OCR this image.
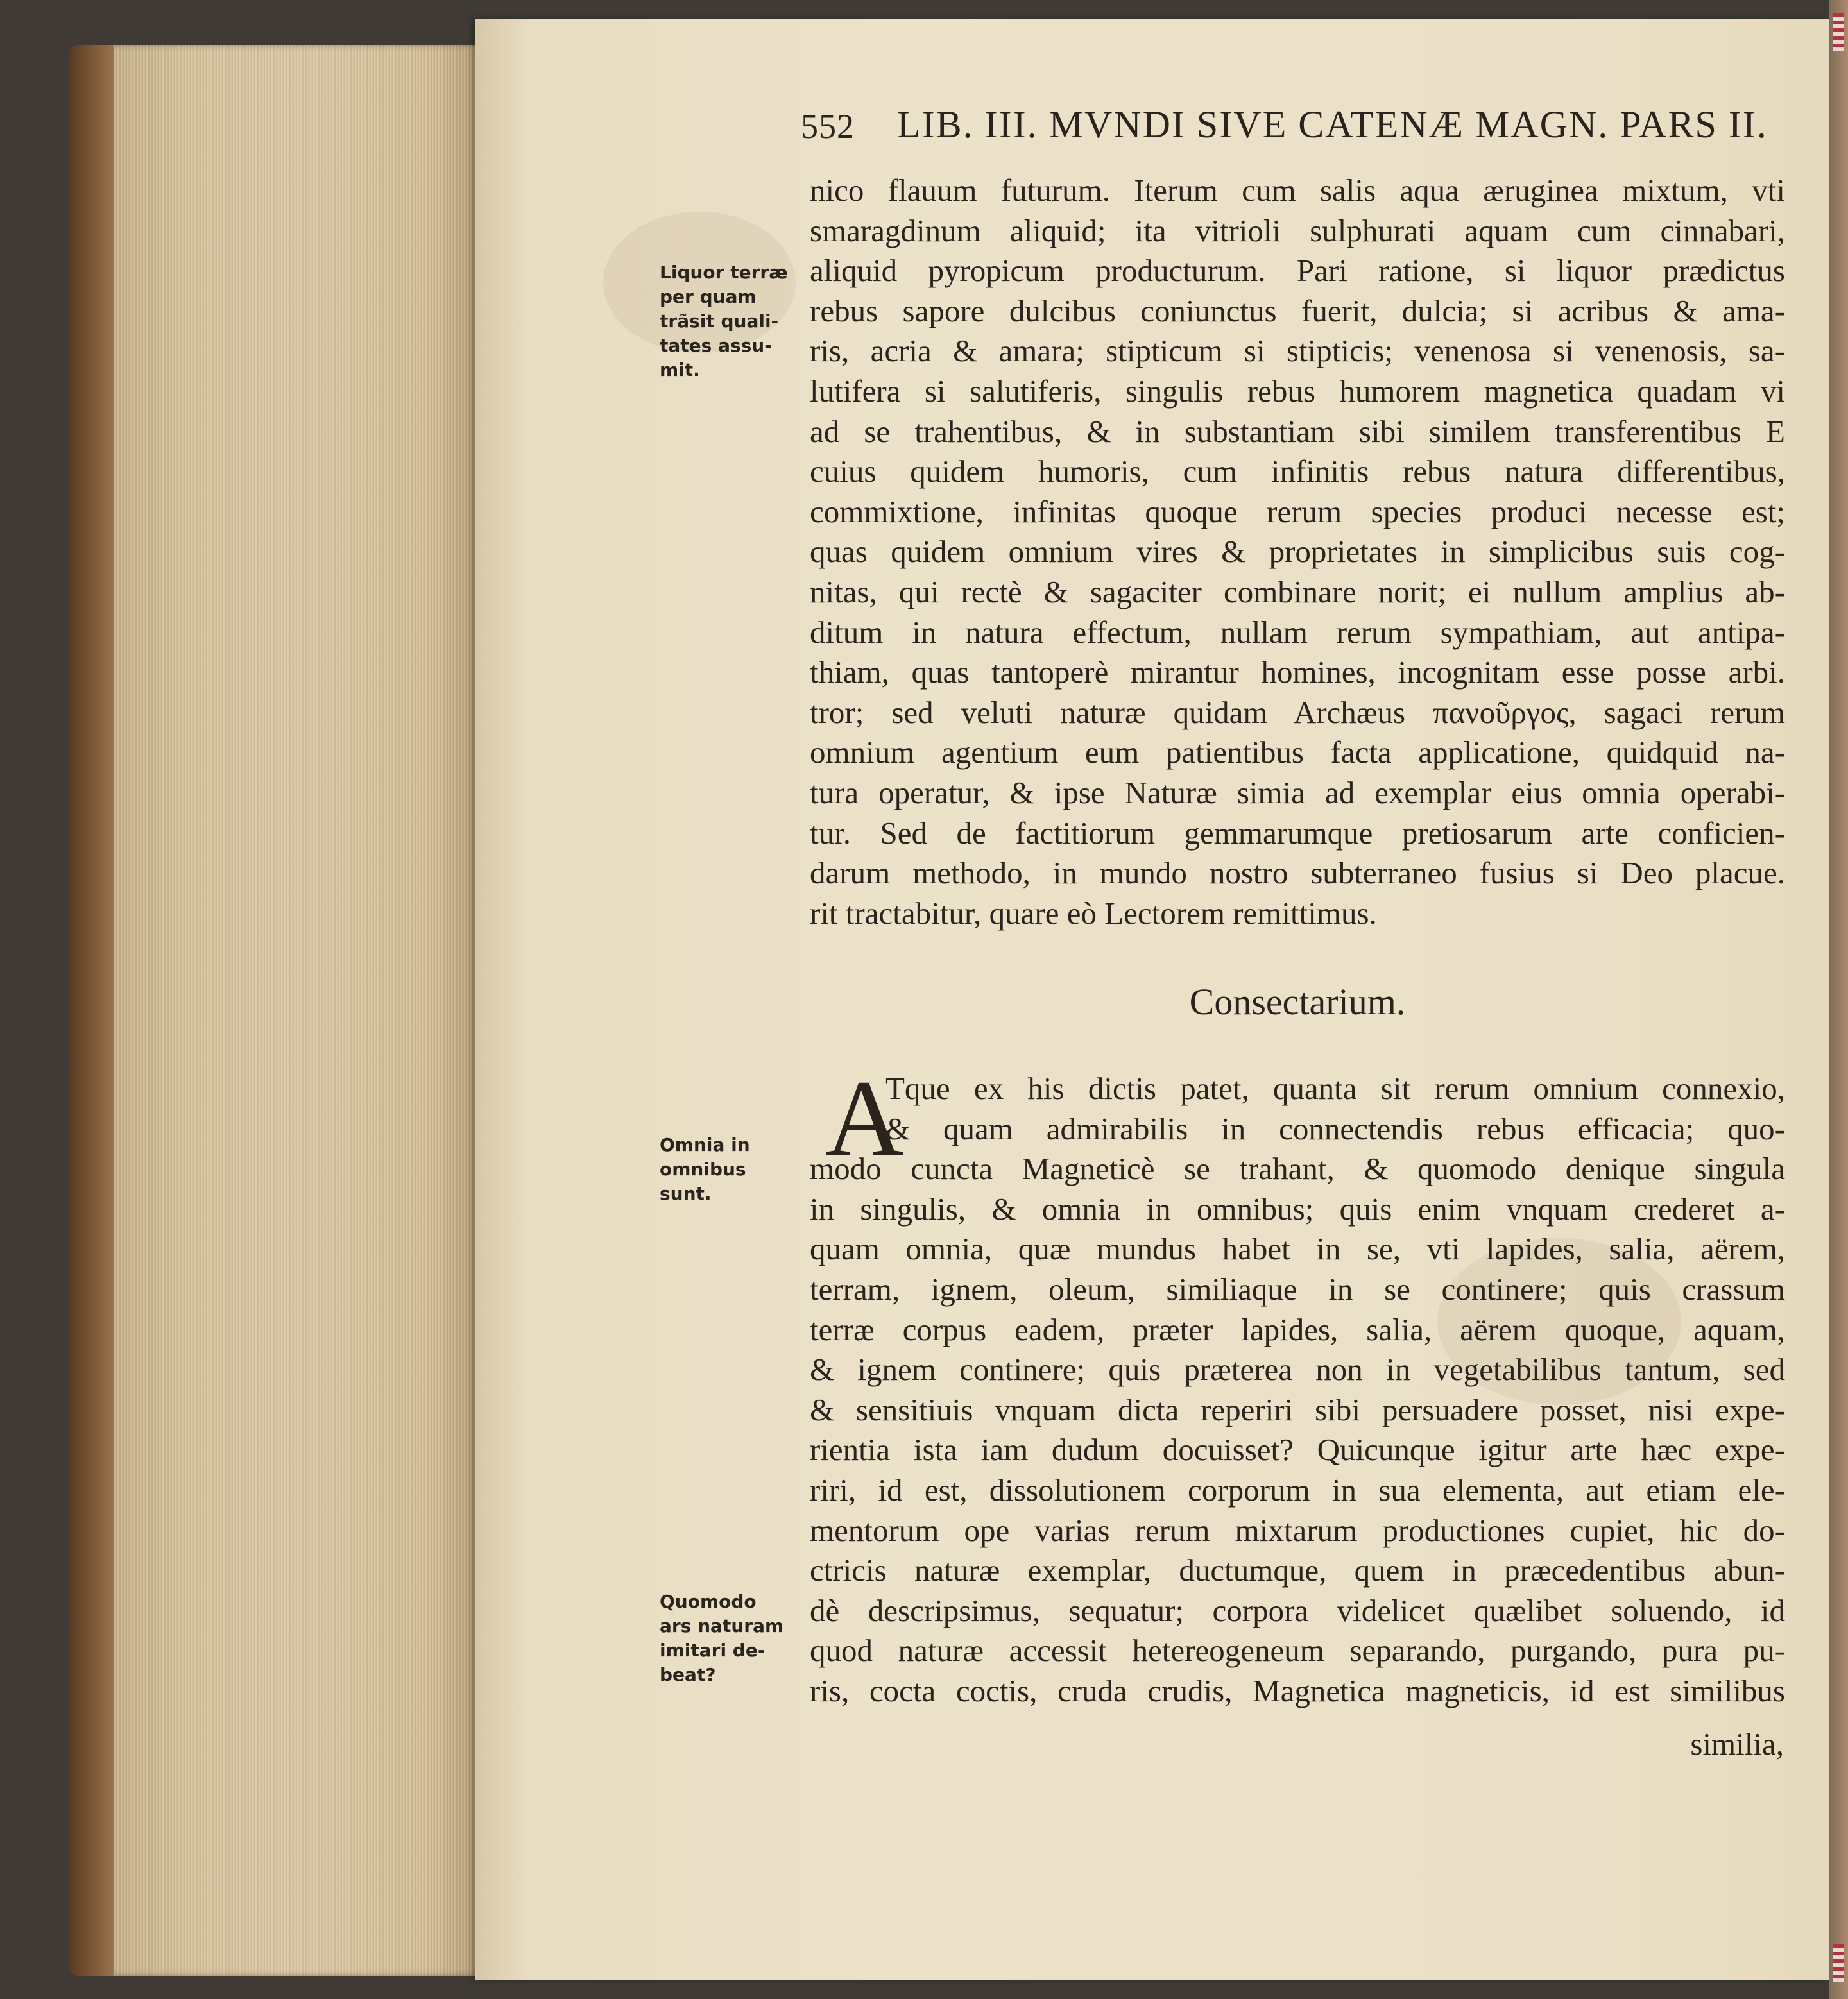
552 LIB. III. MVNDI SIVE CATENÆ MAGN. PARS II.
nico flauum futurum. Iterum cum salis aqua æruginea mixtum, vti
smaragdinum aliquid; ita vitrioli sulphurati aquam cum cinnabari,
aliquid pyropicum producturum. Pari ratione, si liquor prædictus
rebus sapore dulcibus coniunctus fuerit, dulcia; si acribus & ama-
ris, acria & amara; stipticum si stipticis; venenosa si venenosis, sa-
lutifera si salutiferis, singulis rebus humorem magnetica quadam vi
ad se trahentibus, & in substantiam sibi similem transferentibus E
cuius quidem humoris, cum infinitis rebus natura differentibus,
commixtione, infinitas quoque rerum species produci necesse est;
quas quidem omnium vires & proprietates in simplicibus suis cog-
nitas, qui rectè & sagaciter combinare norit; ei nullum amplius ab-
ditum in natura effectum, nullam rerum sympathiam, aut antipa-
thiam, quas tantoperè mirantur homines, incognitam esse posse arbi.
tror; sed veluti naturæ quidam Archæus πανοῦργος, sagaci rerum
omnium agentium eum patientibus facta applicatione, quidquid na-
tura operatur, & ipse Naturæ simia ad exemplar eius omnia operabi-
tur. Sed de factitiorum gemmarumque pretiosarum arte conficien-
darum methodo, in mundo nostro subterraneo fusius si Deo placue.
rit tractabitur, quare eò Lectorem remittimus.
Consectarium.
A
Tque ex his dictis patet, quanta sit rerum omnium connexio,
& quam admirabilis in connectendis rebus efficacia; quo-
modo cuncta Magneticè se trahant, & quomodo denique singula
in singulis, & omnia in omnibus; quis enim vnquam crederet a-
quam omnia, quæ mundus habet in se, vti lapides, salia, aërem,
terram, ignem, oleum, similiaque in se continere; quis crassum
terræ corpus eadem, præter lapides, salia, aërem quoque, aquam,
& ignem continere; quis præterea non in vegetabilibus tantum, sed
& sensitiuis vnquam dicta reperiri sibi persuadere posset, nisi expe-
rientia ista iam dudum docuisset? Quicunque igitur arte hæc expe-
riri, id est, dissolutionem corporum in sua elementa, aut etiam ele-
mentorum ope varias rerum mixtarum productiones cupiet, hic do-
ctricis naturæ exemplar, ductumque, quem in præcedentibus abun-
dè descripsimus, sequatur; corpora videlicet quælibet soluendo, id
quod naturæ accessit hetereogeneum separando, purgando, pura pu-
ris, cocta coctis, cruda crudis, Magnetica magneticis, id est similibus
similia,
Liquor terræ
per quam
trãsit quali-
tates assu-
mit.
Omnia in
omnibus
sunt.
Quomodo
ars naturam
imitari de-
beat?
